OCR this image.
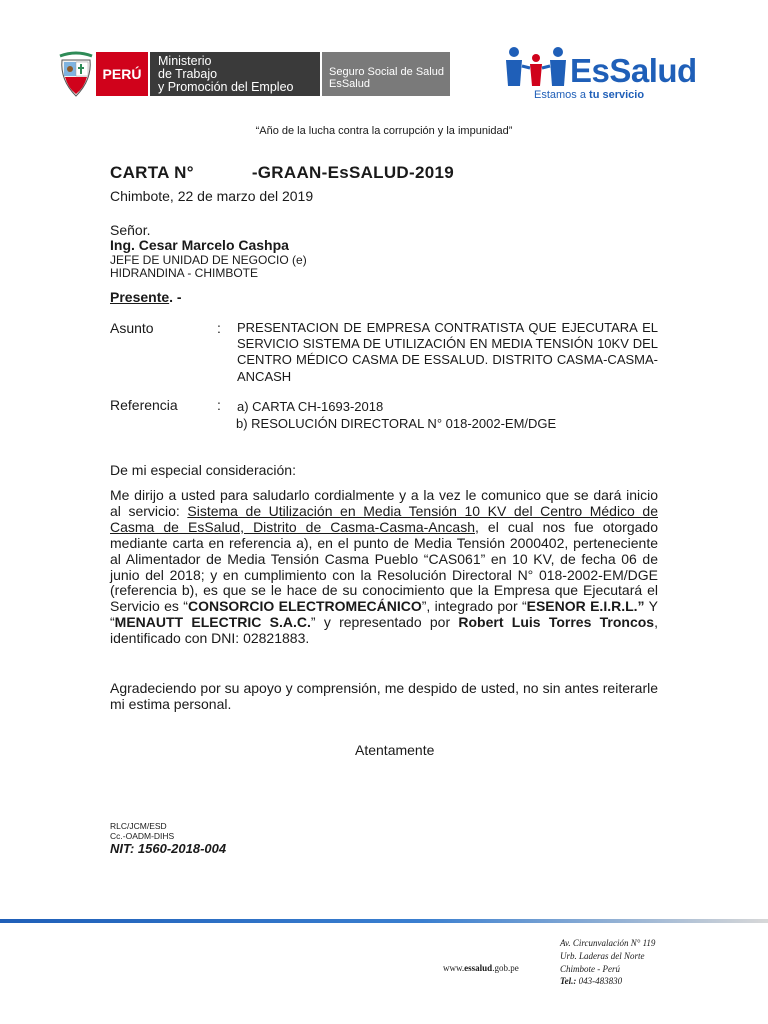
PERÚ
Ministerio
de Trabajo
y Promoción del Empleo
Seguro Social de Salud
EsSalud	EsSalud
Estamos a tu servicio
“Año de la lucha contra la corrupción y la impunidad”
CARTA N°	-GRAAN-EsSALUD-2019
Chimbote, 22 de marzo del 2019
Señor.
Ing. Cesar Marcelo Cashpa
JEFE DE UNIDAD DE NEGOCIO (e)
HIDRANDINA - CHIMBOTE
Presente. -
Asunto	: PRESENTACION DE EMPRESA CONTRATISTA QUE EJECUTARA EL SERVICIO SISTEMA DE UTILIZACIÓN EN MEDIA TENSIÓN 10KV DEL CENTRO MÉDICO CASMA DE ESSALUD. DISTRITO CASMA-CASMA-ANCASH
Referencia	: a) CARTA CH-1693-2018
b) RESOLUCIÓN DIRECTORAL N° 018-2002-EM/DGE
De mi especial consideración:
Me dirijo a usted para saludarlo cordialmente y a la vez le comunico que se dará inicio al servicio: Sistema de Utilización en Media Tensión 10 KV del Centro Médico de Casma de EsSalud, Distrito de Casma-Casma-Ancash, el cual nos fue otorgado mediante carta en referencia a), en el punto de Media Tensión 2000402, perteneciente al Alimentador de Media Tensión Casma Pueblo “CAS061” en 10 KV, de fecha 06 de junio del 2018; y en cumplimiento con la Resolución Directoral N° 018-2002-EM/DGE (referencia b), es que se le hace de su conocimiento que la Empresa que Ejecutará el Servicio es “CONSORCIO ELECTROMECÁNICO”, integrado por “ESENOR E.I.R.L.” Y “MENAUTT ELECTRIC S.A.C.” y representado por Robert Luis Torres Troncos, identificado con DNI: 02821883.
Agradeciendo por su apoyo y comprensión, me despido de usted, no sin antes reiterarle mi estima personal.
Atentamente
RLC/JCM/ESD
Cc.-OADM-DIHS
NIT: 1560-2018-004
www.essalud.gob.pe
Av. Circunvalación N° 119
Urb. Laderas del Norte
Chimbote - Perú
Tel.: 043-483830
